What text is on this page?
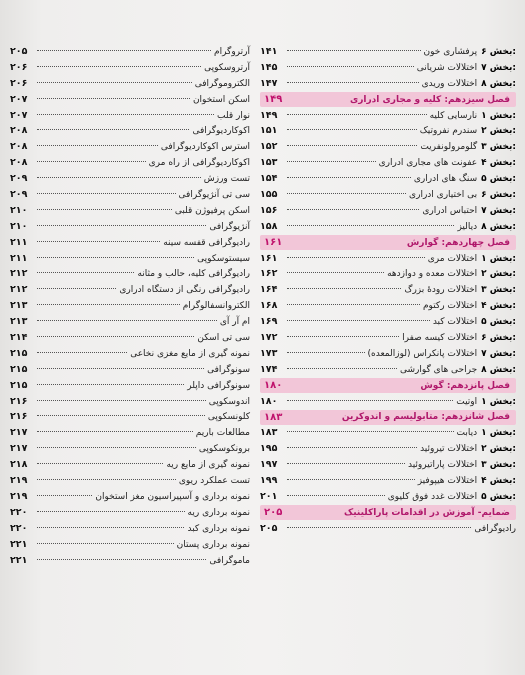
۲۰۵	آرتروگرام
۲۰۶	آرتروسکوپی
۲۰۶	الکتروموگرافی
۲۰۷	اسکن استخوان
۲۰۷	نوار قلب
۲۰۸	اکوکاردیوگرافی
۲۰۸	استرس اکوکاردیوگرافی
۲۰۸	اکوکاردیوگرافی از راه مری
۲۰۹	تست ورزش
۲۰۹	سی تی آنژیوگرافی
۲۱۰	اسکن پرفیوژن قلبی
۲۱۰	آنژیوگرافی
۲۱۱	رادیوگرافی قفسه سینه
۲۱۱	سیستوسکوپی
۲۱۲	رادیوگرافی کلیه، حالب و مثانه
۲۱۲	رادیوگرافی رنگی از دستگاه ادراری
۲۱۳	الکتروانسفالوگرام
۲۱۳	ام آر آی
۲۱۴	سی تی اسکن
۲۱۵	نمونه گیری از مایع مغزی نخاعی
۲۱۵	سونوگرافی
۲۱۵	سونوگرافی داپلر
۲۱۶	اندوسکوپی
۲۱۶	کلونسکوپی
۲۱۷	مطالعات باریم
۲۱۷	برونکوسکوپی
۲۱۸	نمونه گیری از مایع ریه
۲۱۹	تست عملکرد ریوی
۲۱۹	نمونه برداری و آسپیراسیون مغز استخوان
۲۲۰	نمونه برداری ریه
۲۲۰	نمونه برداری کبد
۲۲۱	نمونه برداری پستان
۲۲۱	ماموگرافی
۱۴۱	پرفشاری خون بخش ۶:
۱۴۵	اختلالات شریانی بخش ۷:
۱۴۷	اختلالات وریدی بخش ۸:
۱۴۹	فصل سیزدهم: کلیه و مجاری ادراری
۱۴۹	نارسایی کلیه بخش ۱:
۱۵۱	سندرم نفروتیک بخش ۲:
۱۵۲	گلومرولونفریت بخش ۳:
۱۵۳	عفونت های مجاری ادراری بخش ۴:
۱۵۴	سنگ های ادراری بخش ۵:
۱۵۵	بی اختیاری ادراری بخش ۶:
۱۵۶	احتباس ادراری بخش ۷:
۱۵۸	دیالیز بخش ۸:
۱۶۱	فصل چهاردهم: گوارش
۱۶۱	اختلالات مری بخش ۱:
۱۶۲	اختلالات معده و دوازدهه بخش ۲:
۱۶۴	اختلالات رودهٔ بزرگ بخش ۳:
۱۶۸	اختلالات رکتوم بخش ۴:
۱۶۹	اختلالات کبد بخش ۵:
۱۷۲	اختلالات کیسه صفرا بخش ۶:
۱۷۳	اختلالات پانکراس (لوزالمعده) بخش ۷:
۱۷۴	جراحی های گوارشی بخش ۸:
۱۸۰	فصل پانزدهم: گوش
۱۸۰	اوتیت بخش ۱:
۱۸۳	فصل شانزدهم: متابولیسم و اندوکرین
۱۸۳	دیابت بخش ۱:
۱۹۵	اختلالات تیروئید بخش ۲:
۱۹۷	اختلالات پاراتیروئید بخش ۳:
۱۹۹	اختلالات هیپوفیز بخش ۴:
۲۰۱	اختلالات غدد فوق کلیوی بخش ۵:
۲۰۵	ضمایم- آموزش در اقدامات پاراکلینیک
۲۰۵	رادیوگرافی
